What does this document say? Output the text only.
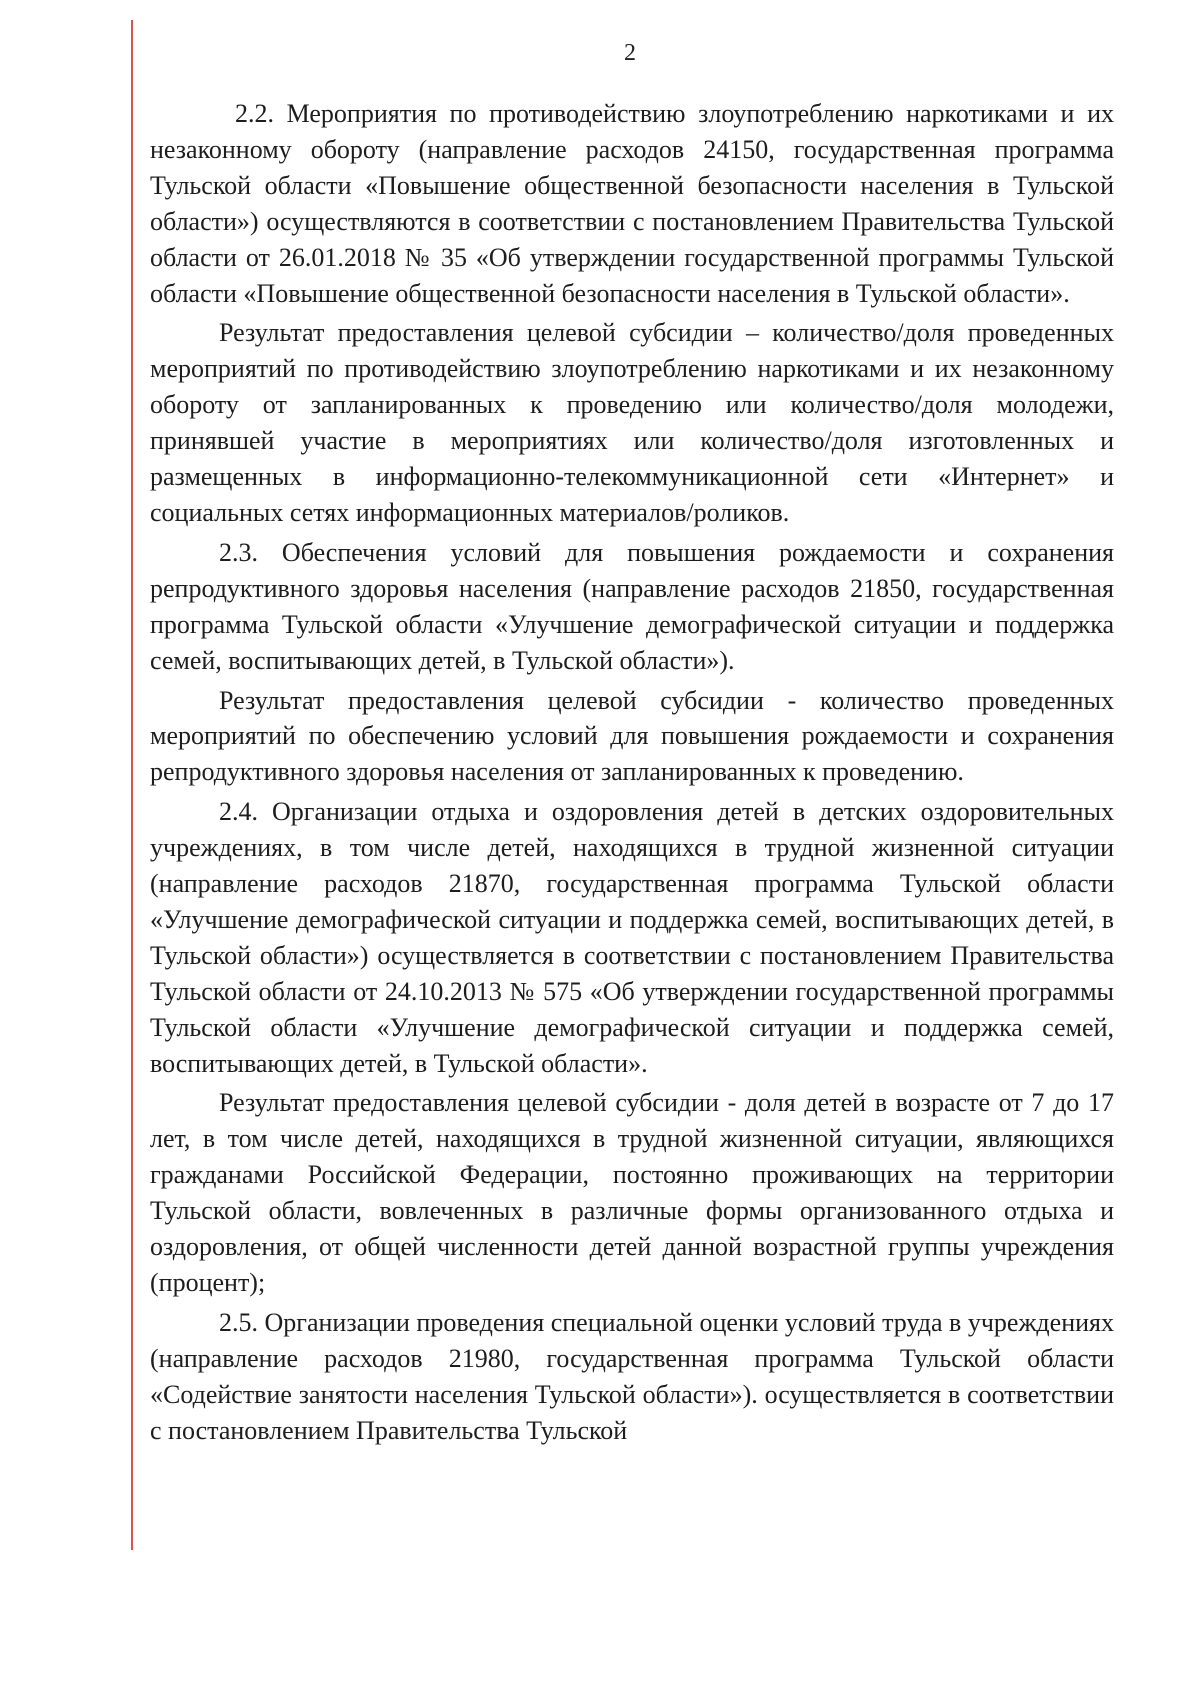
2

2.2. Мероприятия по противодействию злоупотреблению наркотиками и их незаконному обороту (направление расходов 24150, государственная программа Тульской области «Повышение общественной безопасности населения в Тульской области») осуществляются в соответствии с постановлением Правительства Тульской области от 26.01.2018 № 35 «Об утверждении государственной программы Тульской области «Повышение общественной безопасности населения в Тульской области».

Результат предоставления целевой субсидии – количество/доля проведенных мероприятий по противодействию злоупотреблению наркотиками и их незаконному обороту от запланированных к проведению или количество/доля молодежи, принявшей участие в мероприятиях или количество/доля изготовленных и размещенных в информационно-телекоммуникационной сети «Интернет» и социальных сетях информационных материалов/роликов.

2.3. Обеспечения условий для повышения рождаемости и сохранения репродуктивного здоровья населения (направление расходов 21850, государственная программа Тульской области «Улучшение демографической ситуации и поддержка семей, воспитывающих детей, в Тульской области»).

Результат предоставления целевой субсидии - количество проведенных мероприятий по обеспечению условий для повышения рождаемости и сохранения репродуктивного здоровья населения от запланированных к проведению.

2.4. Организации отдыха и оздоровления детей в детских оздоровительных учреждениях, в том числе детей, находящихся в трудной жизненной ситуации (направление расходов 21870, государственная программа Тульской области «Улучшение демографической ситуации и поддержка семей, воспитывающих детей, в Тульской области») осуществляется в соответствии с постановлением Правительства Тульской области от 24.10.2013 № 575 «Об утверждении государственной программы Тульской области «Улучшение демографической ситуации и поддержка семей, воспитывающих детей, в Тульской области».

Результат предоставления целевой субсидии - доля детей в возрасте от 7 до 17 лет, в том числе детей, находящихся в трудной жизненной ситуации, являющихся гражданами Российской Федерации, постоянно проживающих на территории Тульской области, вовлеченных в различные формы организованного отдыха и оздоровления, от общей численности детей данной возрастной группы учреждения (процент);

2.5. Организации проведения специальной оценки условий труда в учреждениях (направление расходов 21980, государственная программа Тульской области «Содействие занятости населения Тульской области»). осуществляется в соответствии с постановлением Правительства Тульской
